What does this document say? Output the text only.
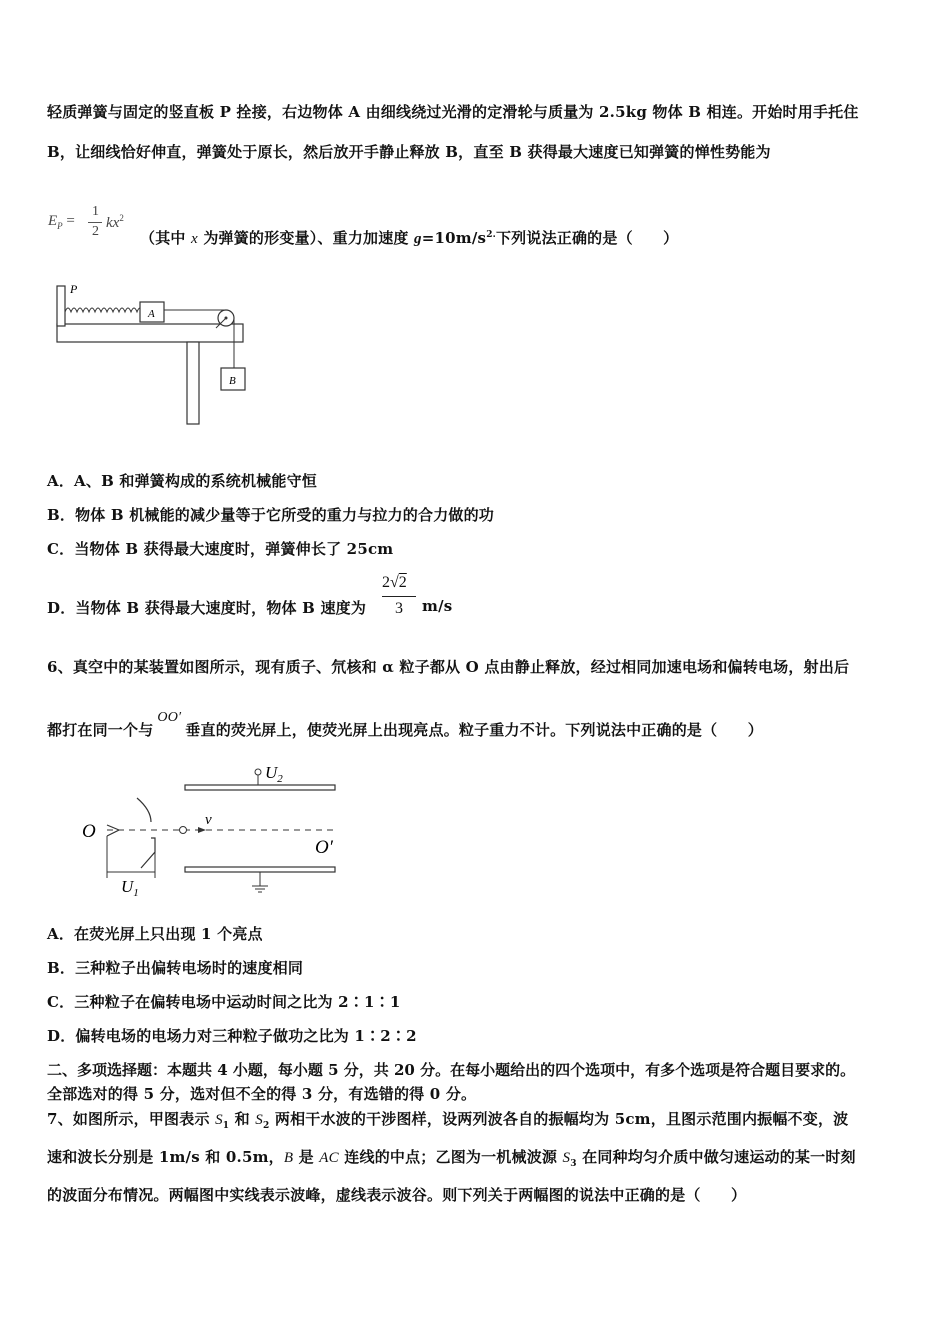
轻质弹簧与固定的竖直板 P 拴接，右边物体 A 由细线绕过光滑的定滑轮与质量为 2.5kg 物体 B 相连。开始时用手托住
B，让细线恰好伸直，弹簧处于原长，然后放开手静止释放 B，直至 B 获得最大速度已知弹簧的惮性势能为
$E_P$ =
1
2
$kx^2$
（其中 x 为弹簧的形变量）、重力加速度 $g=10m/s^{2.}$下列说法正确的是（　　）
P
A
B
A．A、B 和弹簧构成的系统机械能守恒
B．物体 B 机械能的减少量等于它所受的重力与拉力的合力做的功
C．当物体 B 获得最大速度时，弹簧伸长了 25cm
D．当物体 B 获得最大速度时，物体 B 速度为
2√2
3 m/s
6、真空中的某装置如图所示，现有质子、氘核和 α 粒子都从 O 点由静止释放，经过相同加速电场和偏转电场，射出后
都打在同一个与OO′垂直的荧光屏上，使荧光屏上出现亮点。粒子重力不计。下列说法中正确的是（　　）
$U_2$
v
O
O′
$U_1$
A．在荧光屏上只出现 1 个亮点
B．三种粒子出偏转电场时的速度相同
C．三种粒子在偏转电场中运动时间之比为 2∶1∶1
D．偏转电场的电场力对三种粒子做功之比为 1∶2∶2
二、多项选择题：本题共 4 小题，每小题 5 分，共 20 分。在每小题给出的四个选项中，有多个选项是符合题目要求的。
全部选对的得 5 分，选对但不全的得 3 分，有选错的得 0 分。
7、如图所示，甲图表示 $S_1$ 和 $S_2$ 两相干水波的干涉图样，设两列波各自的振幅均为 5cm，且图示范围内振幅不变，波
速和波长分别是 1m/s 和 0.5m，B 是 AC 连线的中点；乙图为一机械波源 $S_3$ 在同种均匀介质中做匀速运动的某一时刻
的波面分布情况。两幅图中实线表示波峰，虚线表示波谷。则下列关于两幅图的说法中正确的是（　　）
